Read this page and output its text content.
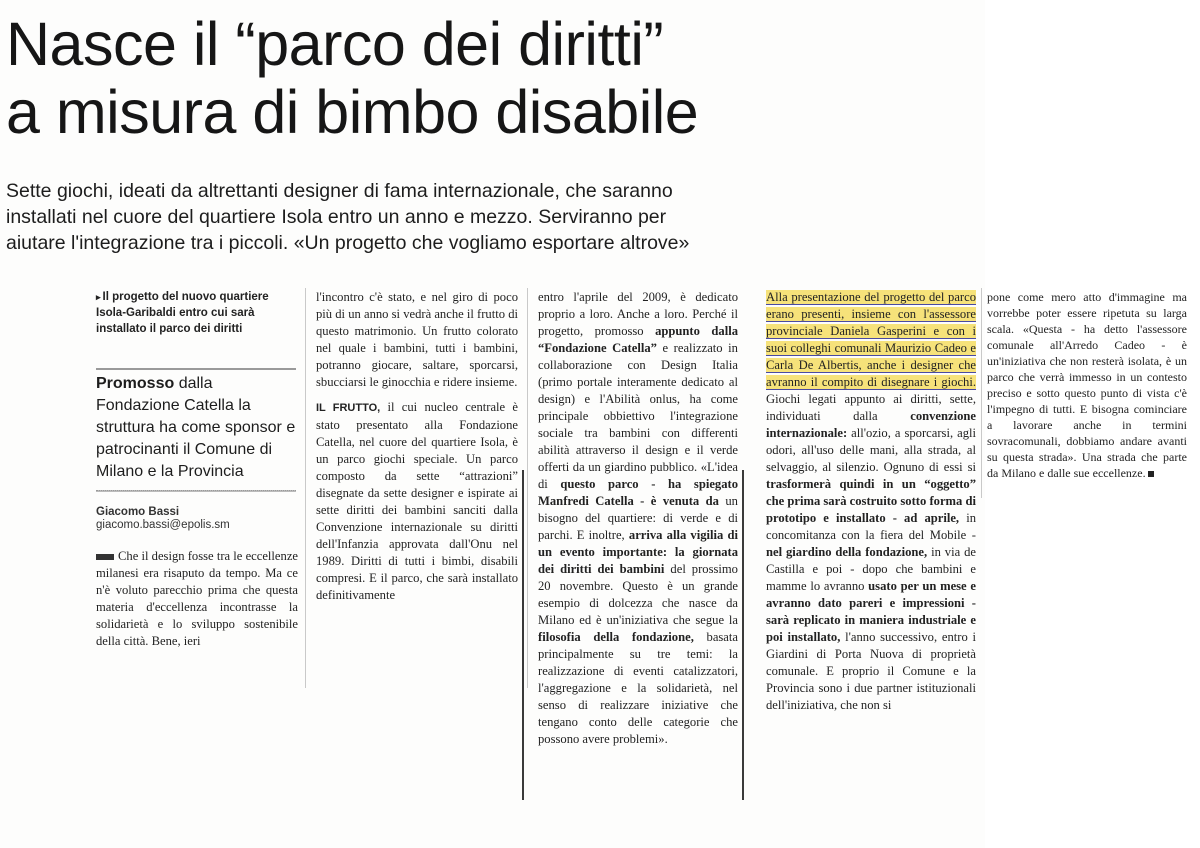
Nasce il “parco dei diritti”
a misura di bimbo disabile

Sette giochi, ideati da altrettanti designer di fama internazionale, che saranno
installati nel cuore del quartiere Isola entro un anno e mezzo. Serviranno per
aiutare l'integrazione tra i piccoli. «Un progetto che vogliamo esportare altrove»

▸ Il progetto del nuovo quartiere Isola-Garibaldi entro cui sarà installato il parco dei diritti

Promosso dalla Fondazione Catella la struttura ha come sponsor e patrocinanti il Comune di Milano e la Provincia

Giacomo Bassi

giacomo.bassi@epolis.sm

Che il design fosse tra le eccellenze milanesi era risaputo da tempo. Ma ce n'è voluto parecchio prima che questa materia d'eccellenza incontrasse la solidarietà e lo sviluppo sostenibile della città. Bene, ieri

l'incontro c'è stato, e nel giro di poco più di un anno si vedrà anche il frutto di questo matrimonio. Un frutto colorato nel quale i bambini, tutti i bambini, potranno giocare, saltare, sporcarsi, sbucciarsi le ginocchia e ridere insieme.

IL FRUTTO, il cui nucleo centrale è stato presentato alla Fondazione Catella, nel cuore del quartiere Isola, è un parco giochi speciale. Un parco composto da sette “attrazioni” disegnate da sette designer e ispirate ai sette diritti dei bambini sanciti dalla Convenzione internazionale su diritti dell'Infanzia approvata dall'Onu nel 1989. Diritti di tutti i bimbi, disabili compresi. E il parco, che sarà installato definitivamente

entro l'aprile del 2009, è dedicato proprio a loro. Anche a loro. Perché il progetto, promosso appunto dalla “Fondazione Catella” e realizzato in collaborazione con Design Italia (primo portale interamente dedicato al design) e l'Abilità onlus, ha come principale obbiettivo l'integrazione sociale tra bambini con differenti abilità attraverso il design e il verde offerti da un giardino pubblico. «L'idea di questo parco - ha spiegato Manfredi Catella - è venuta da un bisogno del quartiere: di verde e di parchi. E inoltre, arriva alla vigilia di un evento importante: la giornata dei diritti dei bambini del prossimo 20 novembre. Questo è un grande esempio di dolcezza che nasce da Milano ed è un'iniziativa che segue la filosofia della fondazione, basata principalmente su tre temi: la realizzazione di eventi catalizzatori, l'aggregazione e la solidarietà, nel senso di realizzare iniziative che tengano conto delle categorie che possono avere problemi».

Alla presentazione del progetto del parco erano presenti, insieme con l'assessore provinciale Daniela Gasperini e con i suoi colleghi comunali Maurizio Cadeo e Carla De Albertis, anche i designer che avranno il compito di disegnare i giochi. Giochi legati appunto ai diritti, sette, individuati dalla convenzione internazionale: all'ozio, a sporcarsi, agli odori, all'uso delle mani, alla strada, al selvaggio, al silenzio. Ognuno di essi si trasformerà quindi in un “oggetto” che prima sarà costruito sotto forma di prototipo e installato - ad aprile, in concomitanza con la fiera del Mobile - nel giardino della fondazione, in via de Castilla e poi - dopo che bambini e mamme lo avranno usato per un mese e avranno dato pareri e impressioni - sarà replicato in maniera industriale e poi installato, l'anno successivo, entro i Giardini di Porta Nuova di proprietà comunale. E proprio il Comune e la Provincia sono i due partner istituzionali dell'iniziativa, che non si

pone come mero atto d'immagine ma vorrebbe poter essere ripetuta su larga scala. «Questa - ha detto l'assessore comunale all'Arredo Cadeo - è un'iniziativa che non resterà isolata, è un parco che verrà immesso in un contesto preciso e sotto questo punto di vista c'è l'impegno di tutti. E bisogna cominciare a lavorare anche in termini sovracomunali, dobbiamo andare avanti su questa strada». Una strada che parte da Milano e dalle sue eccellenze.
